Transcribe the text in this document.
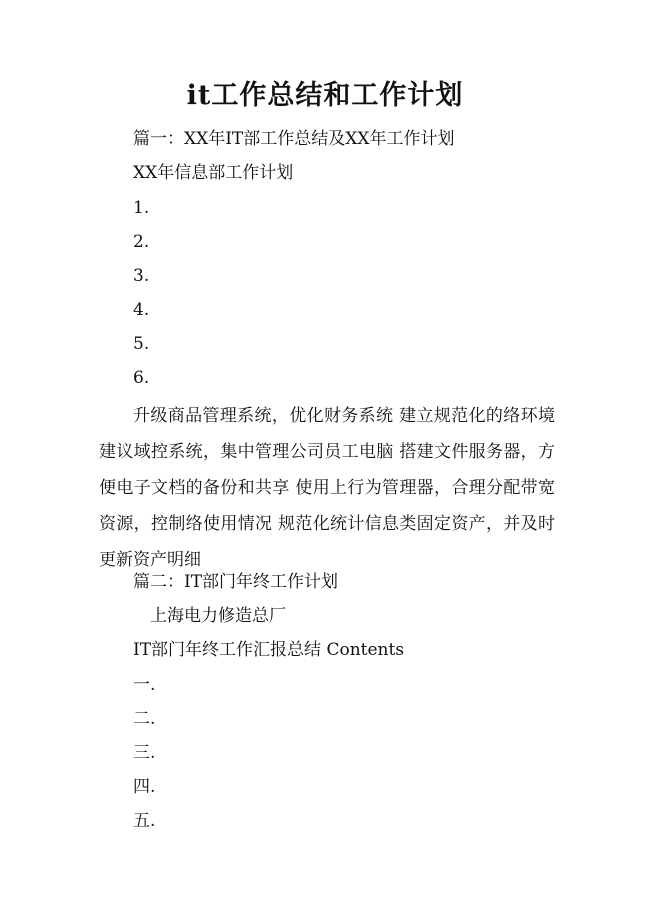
it工作总结和工作计划
篇一：XX年IT部工作总结及XX年工作计划
XX年信息部工作计划
1.
2.
3.
4.
5.
6.
升级商品管理系统，优化财务系统 建立规范化的络环境 建议域控系统，集中管理公司员工电脑 搭建文件服务器，方便电子文档的备份和共享 使用上行为管理器，合理分配带宽资源，控制络使用情况 规范化统计信息类固定资产，并及时更新资产明细
篇二：IT部门年终工作计划
上海电力修造总厂
IT部门年终工作汇报总结 Contents
一.
二.
三.
四.
五.
